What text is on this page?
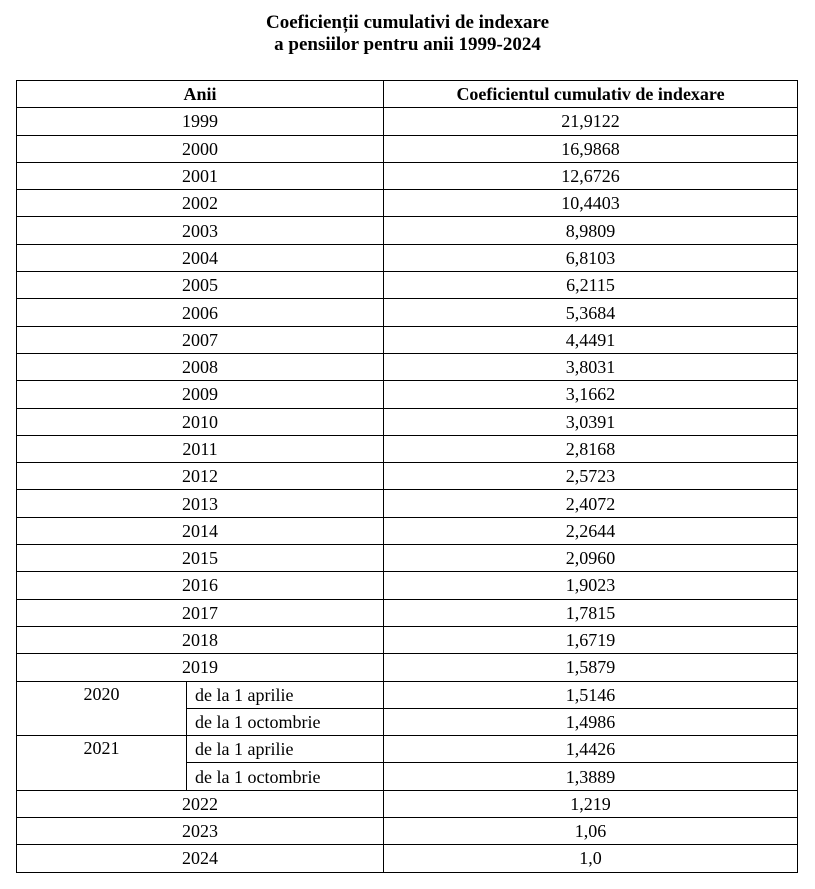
Coeficienții cumulativi de indexare
a pensiilor pentru anii 1999-2024
Anii		Coeficientul cumulativ de indexare
1999		21,9122
2000		16,9868
2001		12,6726
2002		10,4403
2003		8,9809
2004		6,8103
2005		6,2115
2006		5,3684
2007		4,4491
2008		3,8031
2009		3,1662
2010		3,0391
2011		2,8168
2012		2,5723
2013		2,4072
2014		2,2644
2015		2,0960
2016		1,9023
2017		1,7815
2018		1,6719
2019		1,5879
2020	de la 1 aprilie	1,5146
	de la 1 octombrie	1,4986
2021	de la 1 aprilie	1,4426
	de la 1 octombrie	1,3889
2022		1,219
2023		1,06
2024		1,0
